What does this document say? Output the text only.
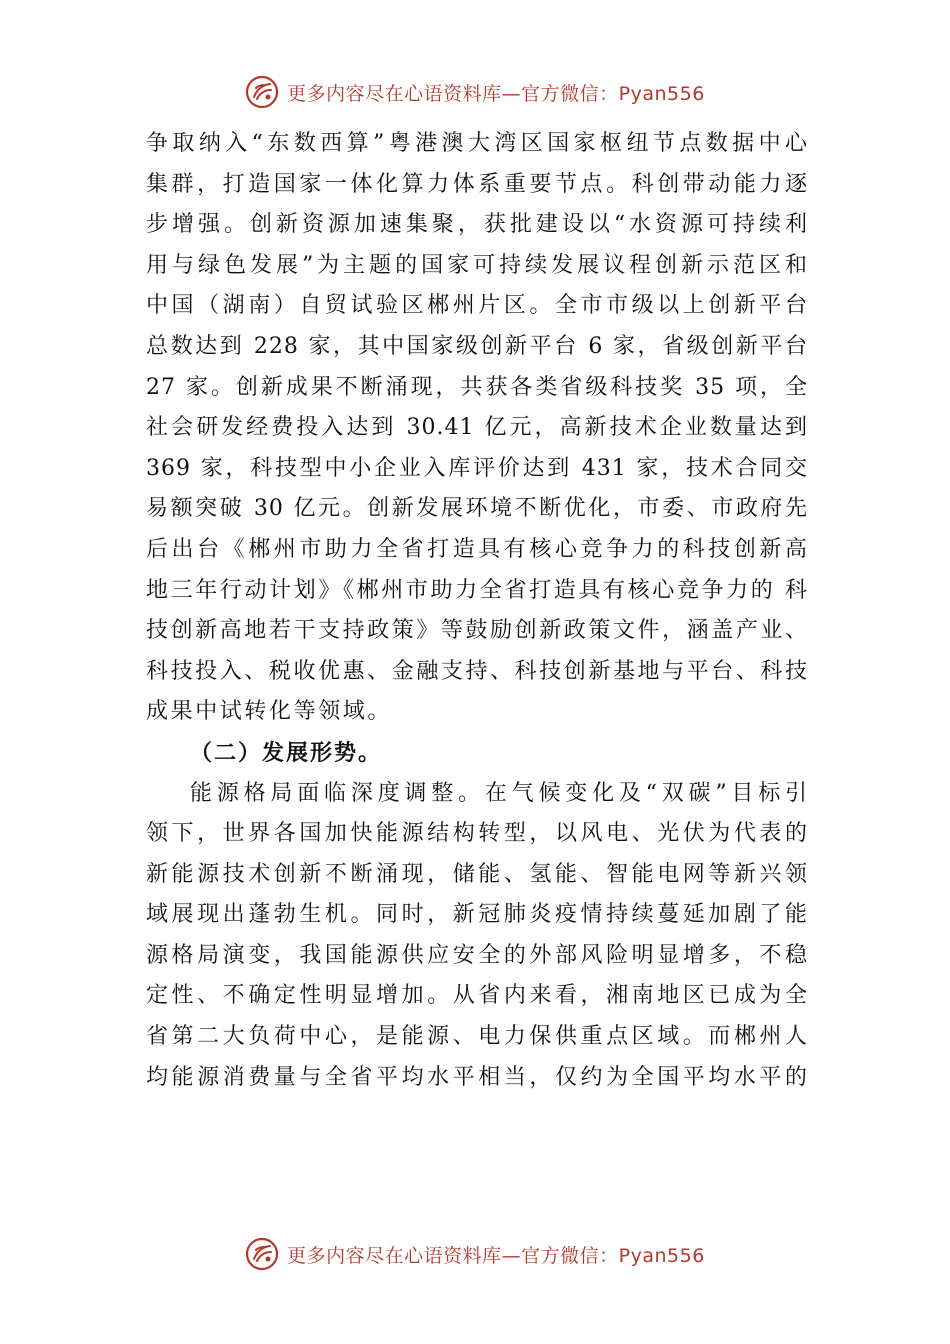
更多内容尽在心语资料库—官方微信：Pyan556
争取纳入“东数西算”粤港澳大湾区国家枢纽节点数据中心
集群，打造国家一体化算力体系重要节点。科创带动能力逐
步增强。创新资源加速集聚，获批建设以“水资源可持续利
用与绿色发展”为主题的国家可持续发展议程创新示范区和
中国（湖南）自贸试验区郴州片区。全市市级以上创新平台
总数达到 228 家，其中国家级创新平台 6 家，省级创新平台
27 家。创新成果不断涌现，共获各类省级科技奖 35 项，全
社会研发经费投入达到 30.41 亿元，高新技术企业数量达到
369 家，科技型中小企业入库评价达到 431 家，技术合同交
易额突破 30 亿元。创新发展环境不断优化，市委、市政府先
后出台《郴州市助力全省打造具有核心竞争力的科技创新高
地三年行动计划》《郴州市助力全省打造具有核心竞争力的 科
技创新高地若干支持政策》等鼓励创新政策文件，涵盖产业、
科技投入、税收优惠、金融支持、科技创新基地与平台、科技
成果中试转化等领域。
（二）发展形势。
能源格局面临深度调整。在气候变化及“双碳”目标引
领下，世界各国加快能源结构转型，以风电、光伏为代表的
新能源技术创新不断涌现，储能、氢能、智能电网等新兴领
域展现出蓬勃生机。同时，新冠肺炎疫情持续蔓延加剧了能
源格局演变，我国能源供应安全的外部风险明显增多，不稳
定性、不确定性明显增加。从省内来看，湘南地区已成为全
省第二大负荷中心，是能源、电力保供重点区域。而郴州人
均能源消费量与全省平均水平相当，仅约为全国平均水平的
更多内容尽在心语资料库—官方微信：Pyan556
